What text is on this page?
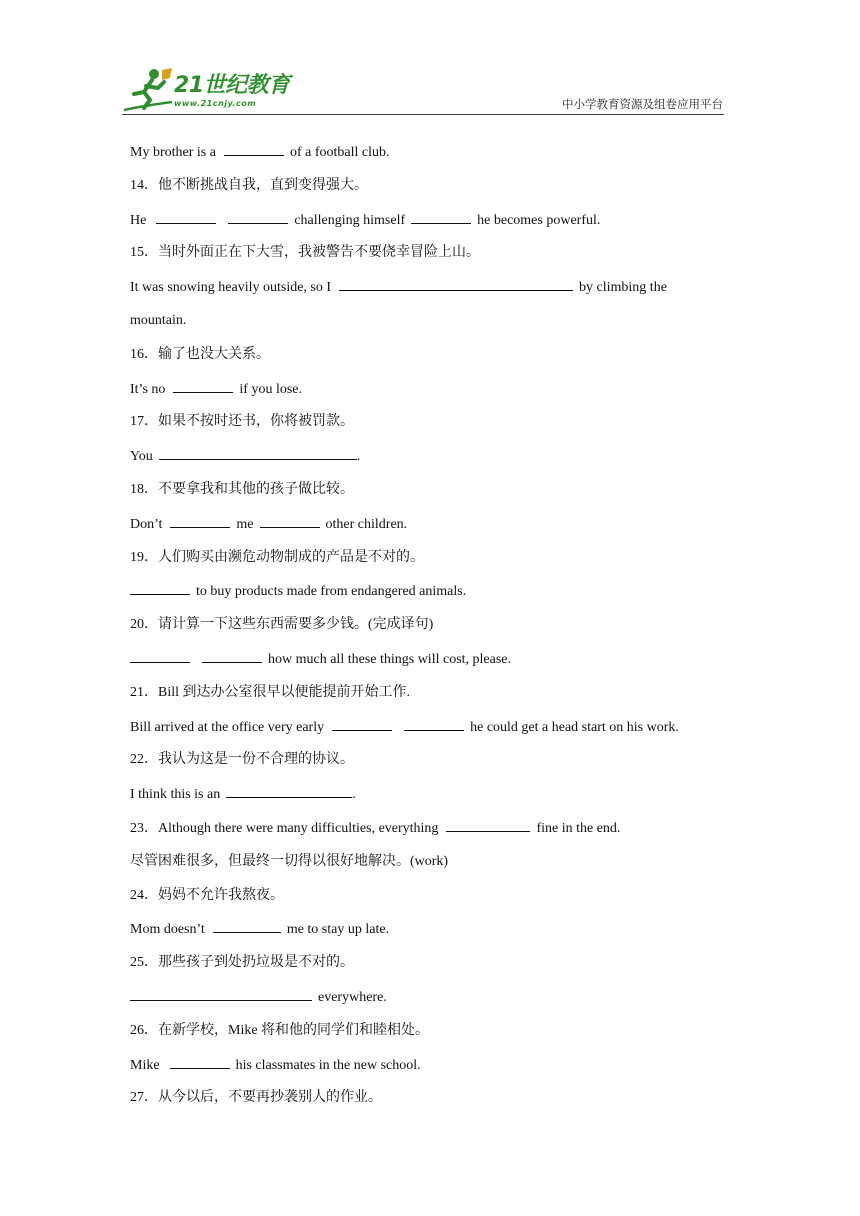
21世纪教育
www.21cnjy.com	中小学教育资源及组卷应用平台
My brother is a	of a football club.
14．他不断挑战自我，直到变得强大。
He	challenging himself	he becomes powerful.
15．当时外面正在下大雪，我被警告不要侥幸冒险上山。
It was snowing heavily outside, so I	by climbing the
mountain.
16．输了也没大关系。
It’s no	if you lose.
17．如果不按时还书，你将被罚款。
You	.
18．不要拿我和其他的孩子做比较。
Don’t	me	other children.
19．人们购买由濒危动物制成的产品是不对的。
to buy products made from endangered animals.
20．请计算一下这些东西需要多少钱。(完成译句)
how much all these things will cost, please.
21．Bill 到达办公室很早以便能提前开始工作.
Bill arrived at the office very early	he could get a head start on his work.
22．我认为这是一份不合理的协议。
I think this is an	.
23．Although there were many difficulties, everything	fine in the end.
尽管困难很多，但最终一切得以很好地解决。(work)
24．妈妈不允许我熬夜。
Mom doesn’t	me to stay up late.
25．那些孩子到处扔垃圾是不对的。
everywhere.
26．在新学校，Mike 将和他的同学们和睦相处。
Mike	his classmates in the new school.
27．从今以后，不要再抄袭别人的作业。
